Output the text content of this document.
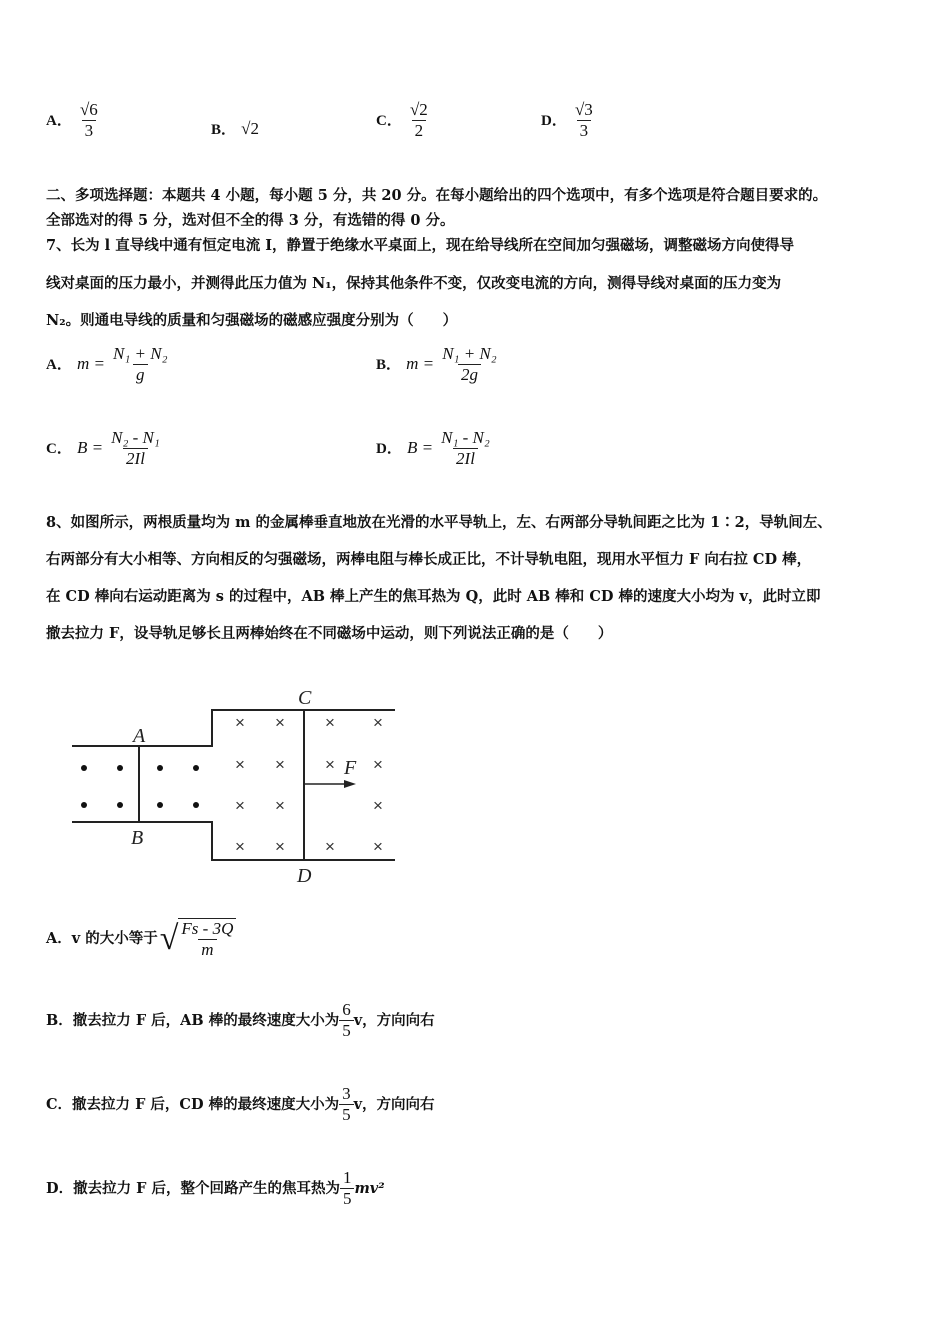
A． $\frac{√6}{3}$	B． √2	C． $\frac{√2}{2}$	D． $\frac{√3}{3}$
二、多项选择题：本题共 4 小题，每小题 5 分，共 20 分。在每小题给出的四个选项中，有多个选项是符合题目要求的。
全部选对的得 5 分，选对但不全的得 3 分，有选错的得 0 分。
7、长为 l 直导线中通有恒定电流 I，静置于绝缘水平桌面上，现在给导线所在空间加匀强磁场，调整磁场方向使得导
线对桌面的压力最小，并测得此压力值为 N₁，保持其他条件不变，仅改变电流的方向，测得导线对桌面的压力变为
N₂。则通电导线的质量和匀强磁场的磁感应强度分别为（　　）
A． $m = \frac{\text{N₁ + N₂}}{g}$	B． $m = \frac{\text{N₁ + N₂}}{2g}$
C． $B = \frac{\text{N₂ - N₁}}{2Il}$	D． $B = \frac{\text{N₁ - N₂}}{2Il}$
8、如图所示，两根质量均为 m 的金属棒垂直地放在光滑的水平导轨上，左、右两部分导轨间距之比为 1∶2，导轨间左、
右两部分有大小相等、方向相反的匀强磁场，两棒电阻与棒长成正比，不计导轨电阻，现用水平恒力 F 向右拉 CD 棒，
在 CD 棒向右运动距离为 s 的过程中，AB 棒上产生的焦耳热为 Q，此时 AB 棒和 CD 棒的速度大小均为 v，此时立即
撤去拉力 F，设导轨足够长且两棒始终在不同磁场中运动，则下列说法正确的是（　　）
× × × ×
× × × ×
× ×	×
× × × ×
A
B
C
D
F
A． v 的大小等于 √ $\frac{Fs - 3Q}{m}$
B． 撤去拉力 F 后，AB 棒的最终速度大小为 $\frac{6}{5}$ v，方向向右
C． 撤去拉力 F 后，CD 棒的最终速度大小为 $\frac{3}{5}$ v，方向向右
D． 撤去拉力 F 后，整个回路产生的焦耳热为 $\frac{1}{5} mv^2$
